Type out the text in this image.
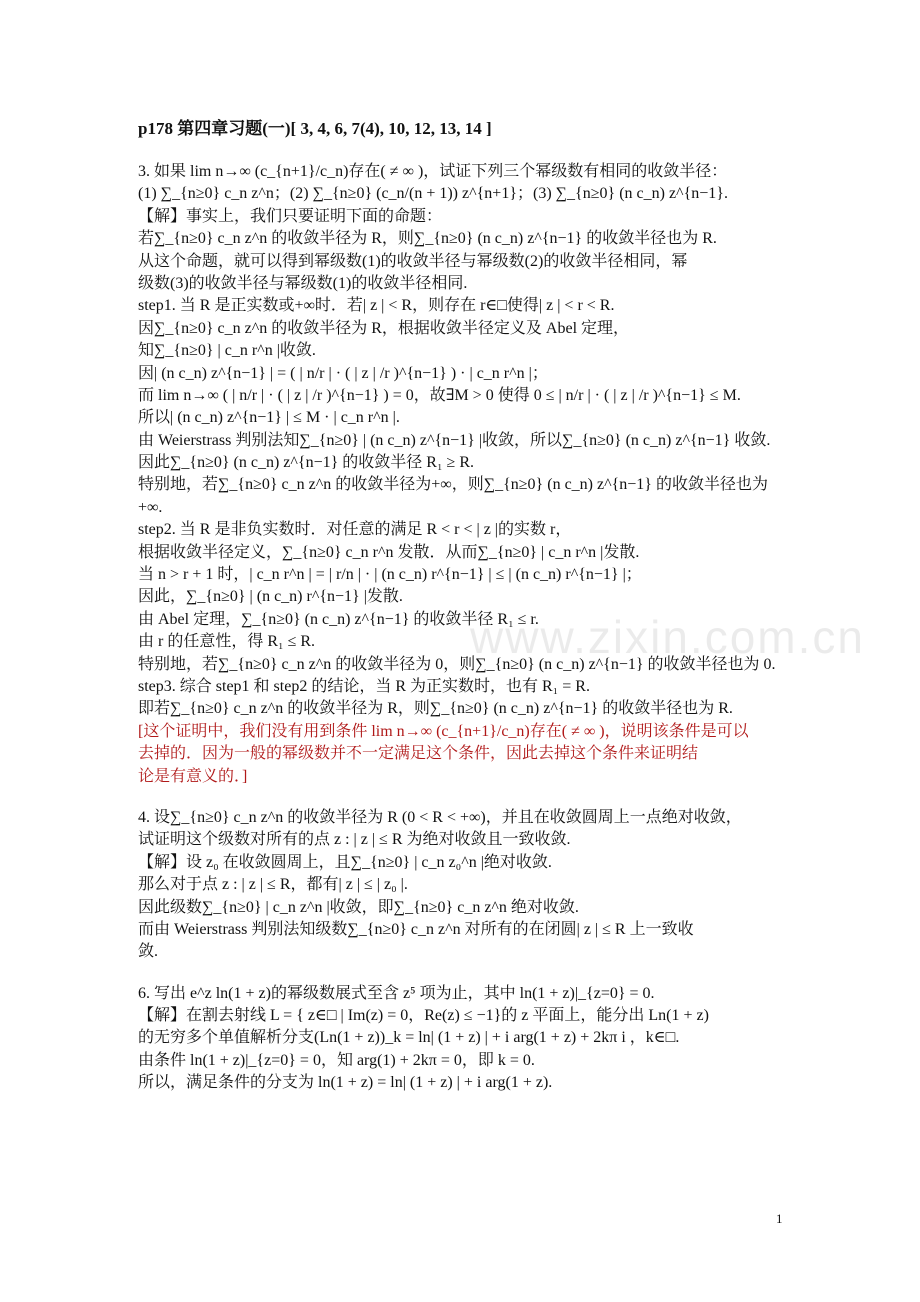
p178 第四章习题(一)[ 3, 4, 6, 7(4), 10, 12, 13, 14 ]
3. 如果 lim n→∞ (c_{n+1}/c_n)存在( ≠ ∞ )，试证下列三个幂级数有相同的收敛半径：
(1) ∑_{n≥0} c_n z^n；(2) ∑_{n≥0} (c_n/(n + 1)) z^{n+1}；(3) ∑_{n≥0} (n c_n) z^{n−1}.
【解】事实上，我们只要证明下面的命题：
若∑_{n≥0} c_n z^n 的收敛半径为 R，则∑_{n≥0} (n c_n) z^{n−1} 的收敛半径也为 R.
从这个命题，就可以得到幂级数(1)的收敛半径与幂级数(2)的收敛半径相同，幂
级数(3)的收敛半径与幂级数(1)的收敛半径相同.
step1. 当 R 是正实数或+∞时．若| z | < R，则存在 r∈□使得| z | < r < R.
因∑_{n≥0} c_n z^n 的收敛半径为 R，根据收敛半径定义及 Abel 定理，
知∑_{n≥0} | c_n r^n |收敛.
因| (n c_n) z^{n−1} | = ( | n/r | · ( | z | /r )^{n−1} ) · | c_n r^n |；
而 lim n→∞ ( | n/r | · ( | z | /r )^{n−1} ) = 0，故∃M > 0 使得 0 ≤ | n/r | · ( | z | /r )^{n−1} ≤ M.
所以| (n c_n) z^{n−1} | ≤ M · | c_n r^n |.
由 Weierstrass 判别法知∑_{n≥0} | (n c_n) z^{n−1} |收敛，所以∑_{n≥0} (n c_n) z^{n−1} 收敛.
因此∑_{n≥0} (n c_n) z^{n−1} 的收敛半径 R₁ ≥ R.
特别地，若∑_{n≥0} c_n z^n 的收敛半径为+∞，则∑_{n≥0} (n c_n) z^{n−1} 的收敛半径也为
+∞.
step2. 当 R 是非负实数时．对任意的满足 R < r < | z |的实数 r，
根据收敛半径定义，∑_{n≥0} c_n r^n 发散．从而∑_{n≥0} | c_n r^n |发散.
当 n > r + 1 时，| c_n r^n | = | r/n | · | (n c_n) r^{n−1} | ≤ | (n c_n) r^{n−1} |；
因此，∑_{n≥0} | (n c_n) r^{n−1} |发散.
由 Abel 定理，∑_{n≥0} (n c_n) z^{n−1} 的收敛半径 R₁ ≤ r.
由 r 的任意性，得 R₁ ≤ R.
特别地，若∑_{n≥0} c_n z^n 的收敛半径为 0，则∑_{n≥0} (n c_n) z^{n−1} 的收敛半径也为 0.
step3. 综合 step1 和 step2 的结论，当 R 为正实数时，也有 R₁ = R.
即若∑_{n≥0} c_n z^n 的收敛半径为 R，则∑_{n≥0} (n c_n) z^{n−1} 的收敛半径也为 R.
[这个证明中，我们没有用到条件 lim n→∞ (c_{n+1}/c_n)存在( ≠ ∞ )，说明该条件是可以
去掉的．因为一般的幂级数并不一定满足这个条件，因此去掉这个条件来证明结
论是有意义的．]
4. 设∑_{n≥0} c_n z^n 的收敛半径为 R (0 < R < +∞)，并且在收敛圆周上一点绝对收敛，
试证明这个级数对所有的点 z : | z | ≤ R 为绝对收敛且一致收敛.
【解】设 z₀ 在收敛圆周上，且∑_{n≥0} | c_n z₀^n |绝对收敛.
那么对于点 z : | z | ≤ R，都有| z | ≤ | z₀ |.
因此级数∑_{n≥0} | c_n z^n |收敛，即∑_{n≥0} c_n z^n 绝对收敛.
而由 Weierstrass 判别法知级数∑_{n≥0} c_n z^n 对所有的在闭圆| z | ≤ R 上一致收
敛.
6. 写出 e^z ln(1 + z)的幂级数展式至含 z⁵ 项为止，其中 ln(1 + z)|_{z=0} = 0.
【解】在割去射线 L = { z∈□ | Im(z) = 0，Re(z) ≤ −1}的 z 平面上，能分出 Ln(1 + z)
的无穷多个单值解析分支(Ln(1 + z))_k = ln| (1 + z) | + i arg(1 + z) + 2kπ i ，k∈□.
由条件 ln(1 + z)|_{z=0} = 0，知 arg(1) + 2kπ = 0，即 k = 0.
所以，满足条件的分支为 ln(1 + z) = ln| (1 + z) | + i arg(1 + z).
www.zixin.com.cn
1
